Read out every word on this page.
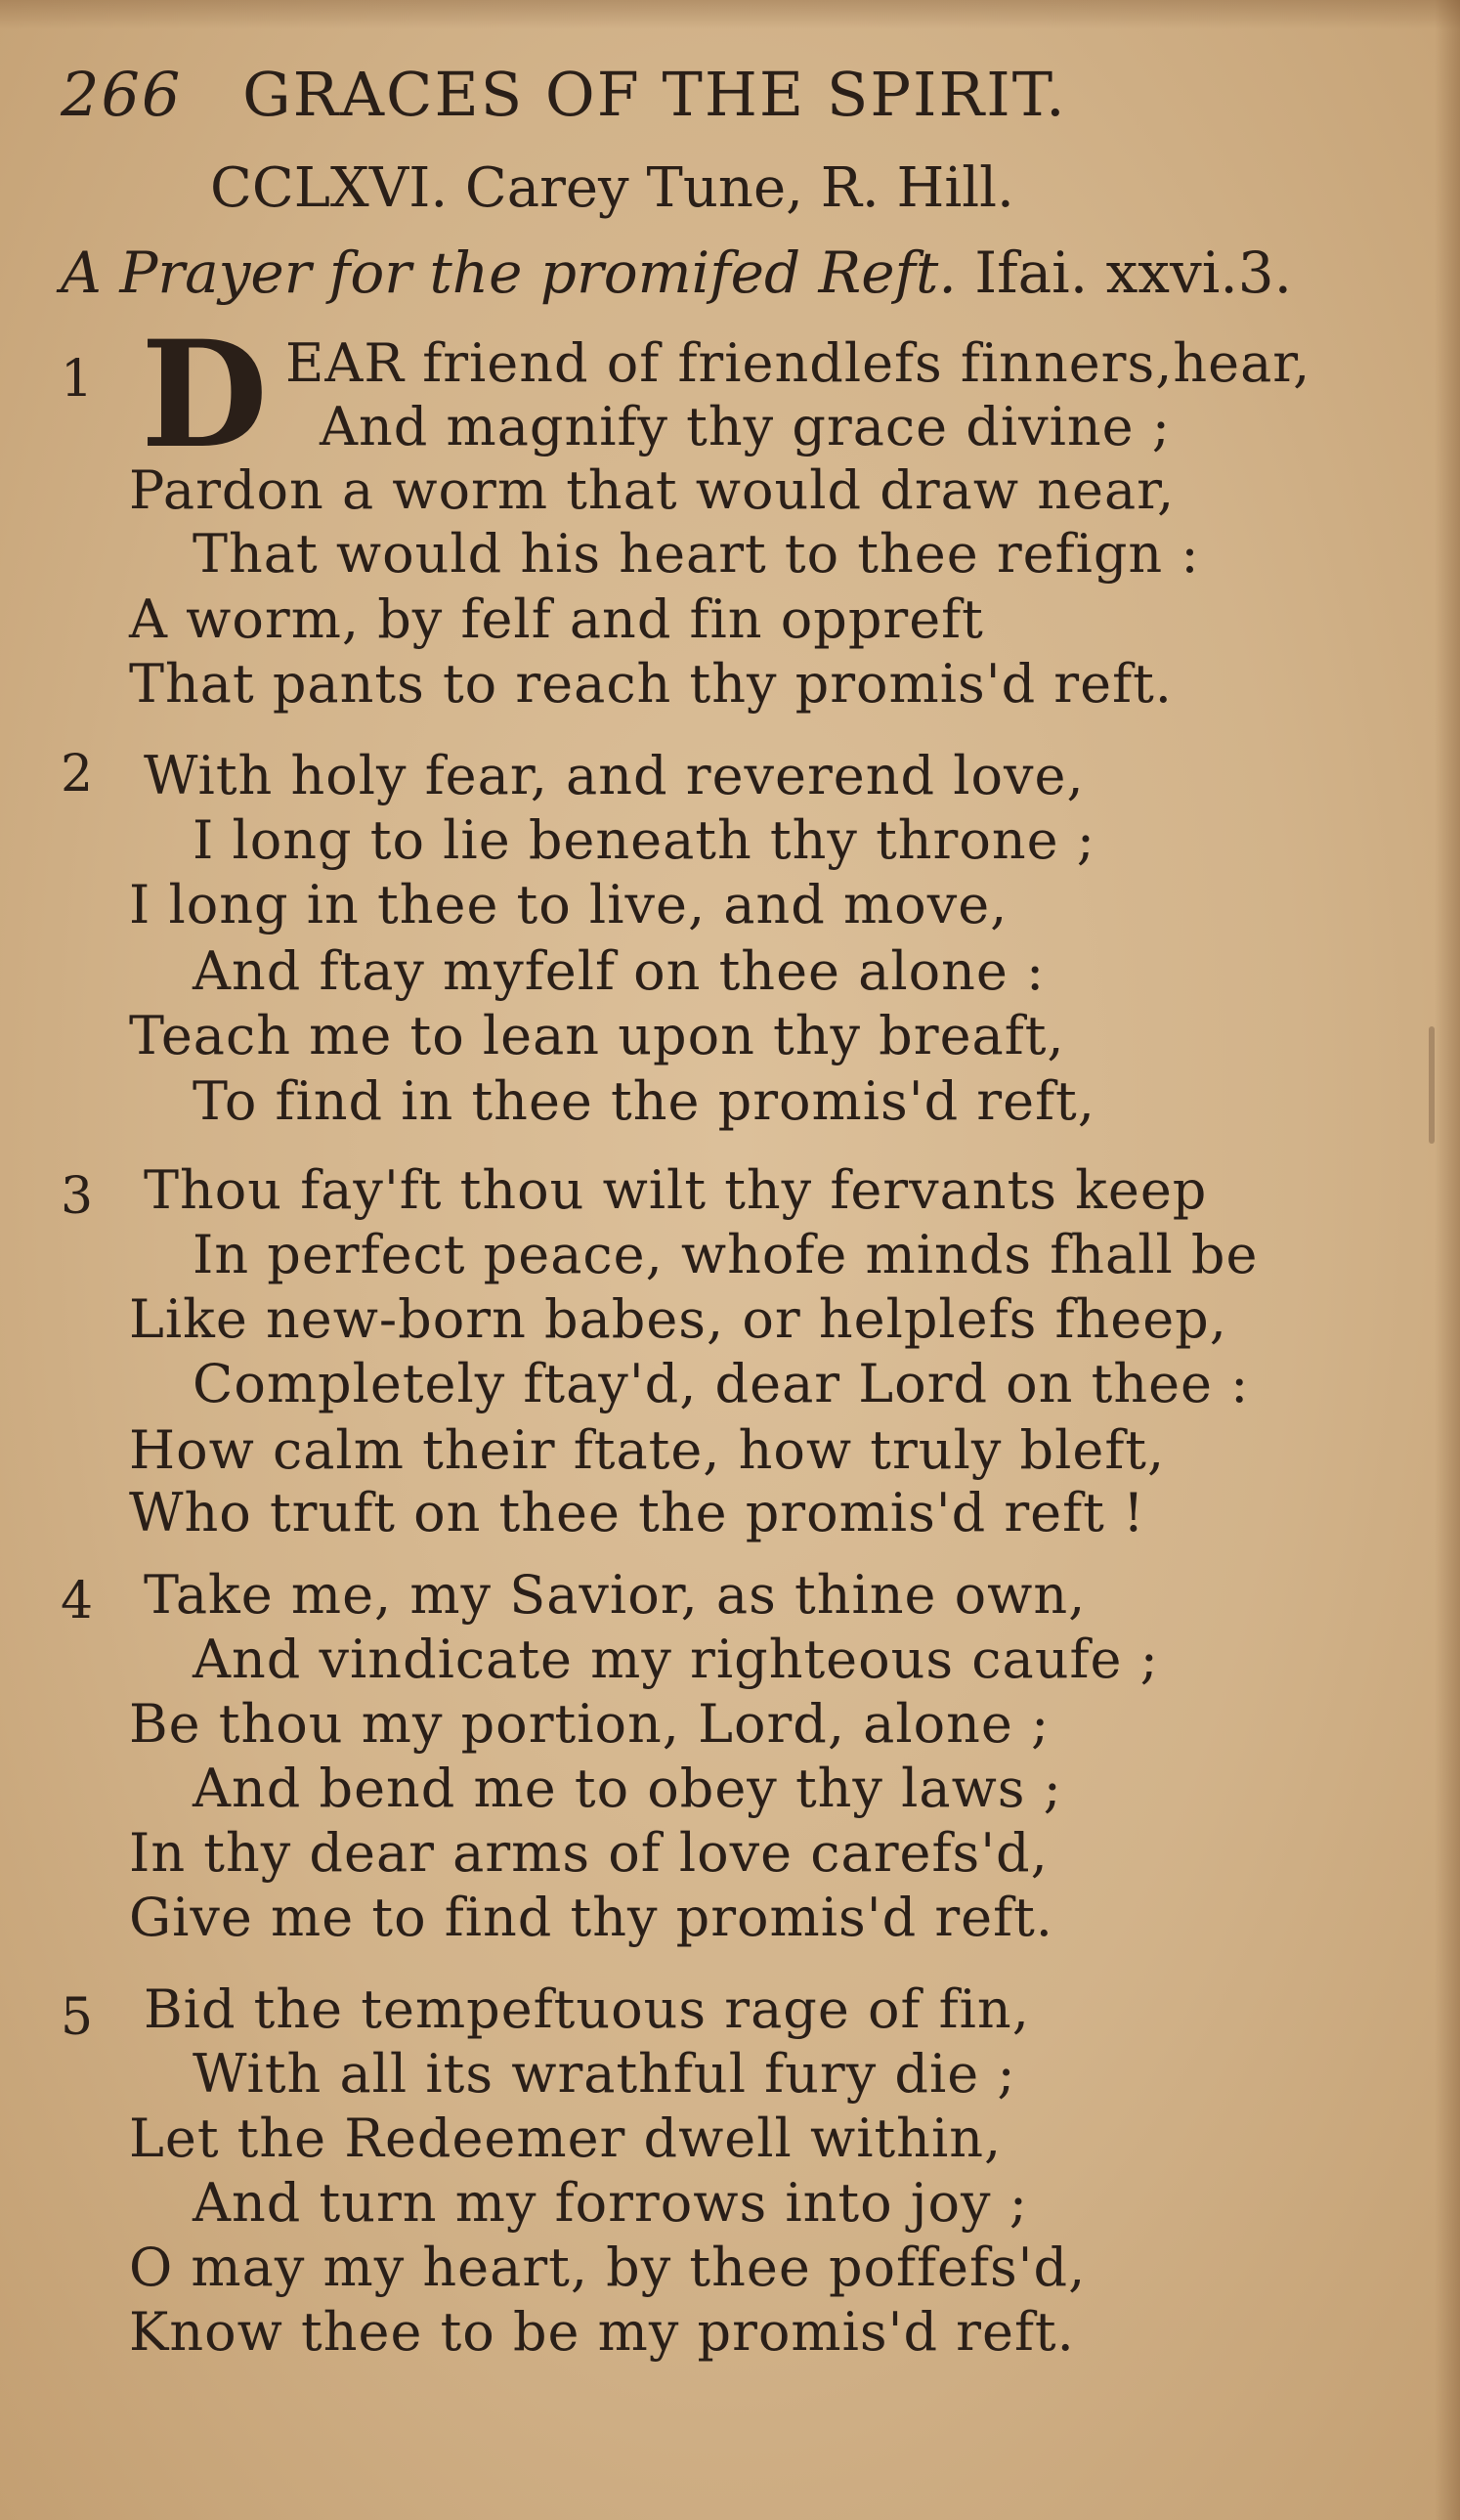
266 GRACES OF THE SPIRIT.
CCLXVI. Carey Tune, R. Hill.
A Prayer for the promifed Reft. Ifai. xxvi.3.
1 D EAR friend of friendlefs finners,hear,
And magnify thy grace divine ;
Pardon a worm that would draw near,
That would his heart to thee refign :
A worm, by felf and fin oppreft
That pants to reach thy promis'd reft.
2 With holy fear, and reverend love,
I long to lie beneath thy throne ;
I long in thee to live, and move,
And ftay myfelf on thee alone :
Teach me to lean upon thy breaft,
To find in thee the promis'd reft,
3 Thou fay'ft thou wilt thy fervants keep
In perfect peace, whofe minds fhall be
Like new-born babes, or helplefs fheep,
Completely ftay'd, dear Lord on thee :
How calm their ftate, how truly bleft,
Who truft on thee the promis'd reft !
4 Take me, my Savior, as thine own,
And vindicate my righteous caufe ;
Be thou my portion, Lord, alone ;
And bend me to obey thy laws ;
In thy dear arms of love carefs'd,
Give me to find thy promis'd reft.
5 Bid the tempeftuous rage of fin,
With all its wrathful fury die ;
Let the Redeemer dwell within,
And turn my forrows into joy ;
O may my heart, by thee poffefs'd,
Know thee to be my promis'd reft.
